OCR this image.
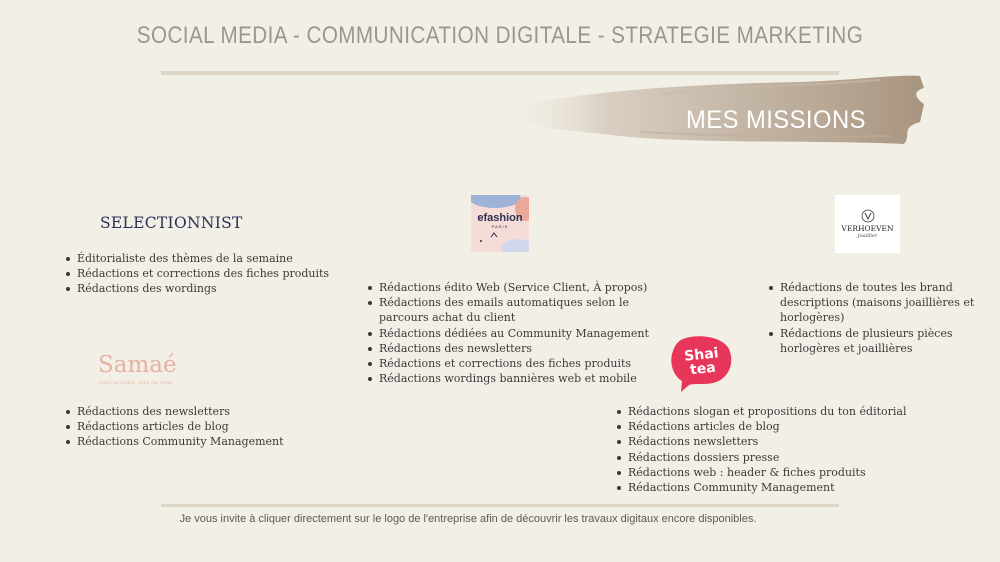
SOCIAL MEDIA - COMMUNICATION DIGITALE - STRATEGIE MARKETING
MES MISSIONS
SELECTIONNIST
Éditorialiste des thèmes de la semaine
Rédactions et corrections des fiches produits
Rédactions des wordings
efashion
PARIS
Rédactions édito Web (Service Client, À propos)
Rédactions des emails automatiques selon le parcours achat du client
Rédactions dédiées au Community Management
Rédactions des newsletters
Rédactions et corrections des fiches produits
Rédactions wordings bannières web et mobile
VERHOEVEN
Joaillier
Rédactions de toutes les brand descriptions (maisons joaillières et horlogères)
Rédactions de plusieurs pièces horlogères et joaillières
Samaé
Osez prendre soin de vous
Rédactions des newsletters
Rédactions articles de blog
Rédactions Community Management
Shai
tea
Rédactions slogan et propositions du ton éditorial
Rédactions articles de blog
Rédactions newsletters
Rédactions dossiers presse
Rédactions web : header & fiches produits
Rédactions Community Management
Je vous invite à cliquer directement sur le logo de l'entreprise afin de découvrir les travaux digitaux encore disponibles.
